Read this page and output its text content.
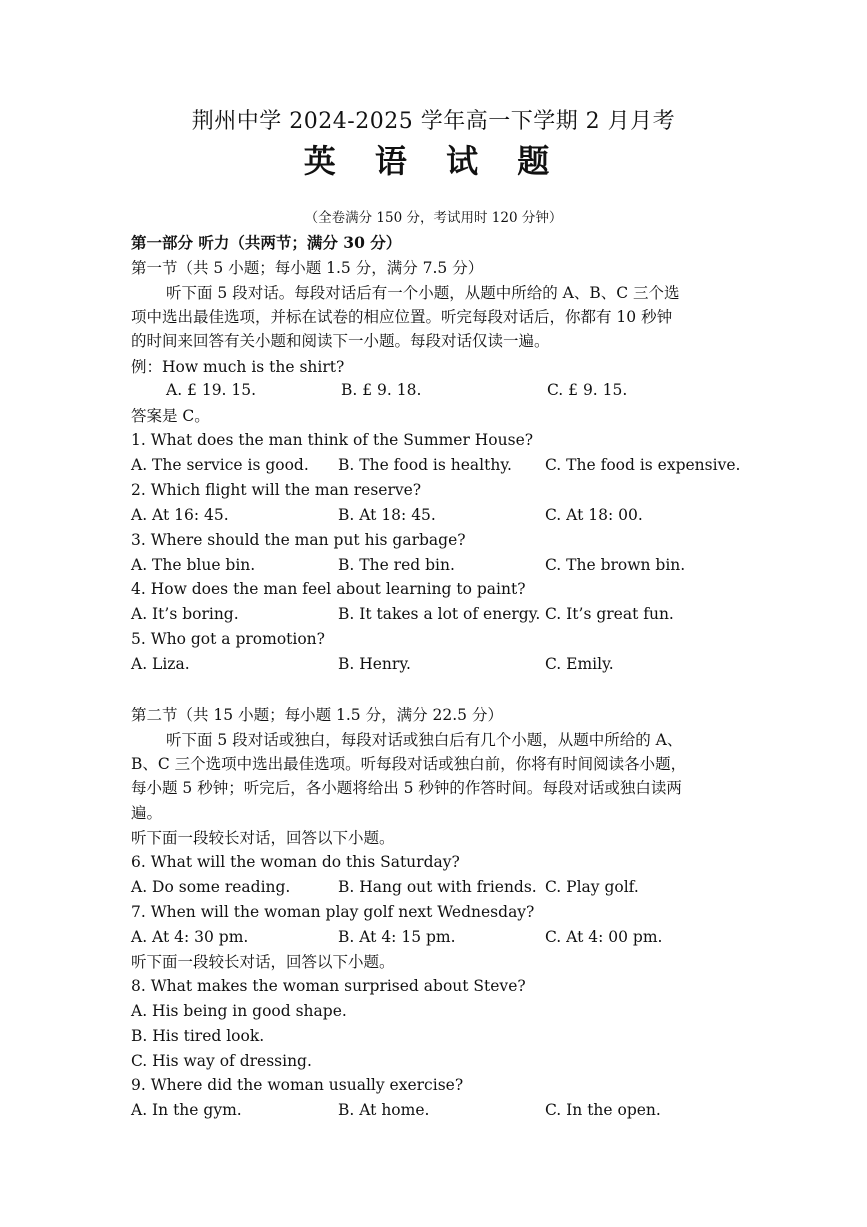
荆州中学 2024-2025 学年高一下学期 2 月月考
英 语 试 题
（全卷满分 150 分，考试用时 120 分钟）
第一部分 听力（共两节；满分 30 分）
第一节（共 5 小题；每小题 1.5 分，满分 7.5 分）
听下面 5 段对话。每段对话后有一个小题，从题中所给的 A、B、C 三个选
项中选出最佳选项，并标在试卷的相应位置。听完每段对话后，你都有 10 秒钟
的时间来回答有关小题和阅读下一小题。每段对话仅读一遍。
例：How much is the shirt?
A. £ 19. 15.	B. £ 9. 18.	C. £ 9. 15.
答案是 C。
1. What does the man think of the Summer House?
A. The service is good. B. The food is healthy. C. The food is expensive.
2. Which flight will the man reserve?
A. At 16: 45.	B. At 18: 45.	C. At 18: 00.
3. Where should the man put his garbage?
A. The blue bin.	B. The red bin.	C. The brown bin.
4. How does the man feel about learning to paint?
A. It’s boring.	B. It takes a lot of energy. C. It’s great fun.
5. Who got a promotion?
A. Liza.	B. Henry.	C. Emily.
第二节（共 15 小题；每小题 1.5 分，满分 22.5 分）
听下面 5 段对话或独白，每段对话或独白后有几个小题，从题中所给的 A、
B、C 三个选项中选出最佳选项。听每段对话或独白前，你将有时间阅读各小题，
每小题 5 秒钟；听完后，各小题将给出 5 秒钟的作答时间。每段对话或独白读两
遍。
听下面一段较长对话，回答以下小题。
6. What will the woman do this Saturday?
A. Do some reading.	B. Hang out with friends. C. Play golf.
7. When will the woman play golf next Wednesday?
A. At 4: 30 pm.	B. At 4: 15 pm.	C. At 4: 00 pm.
听下面一段较长对话，回答以下小题。
8. What makes the woman surprised about Steve?
A. His being in good shape.
B. His tired look.
C. His way of dressing.
9. Where did the woman usually exercise?
A. In the gym.	B. At home.	C. In the open.
